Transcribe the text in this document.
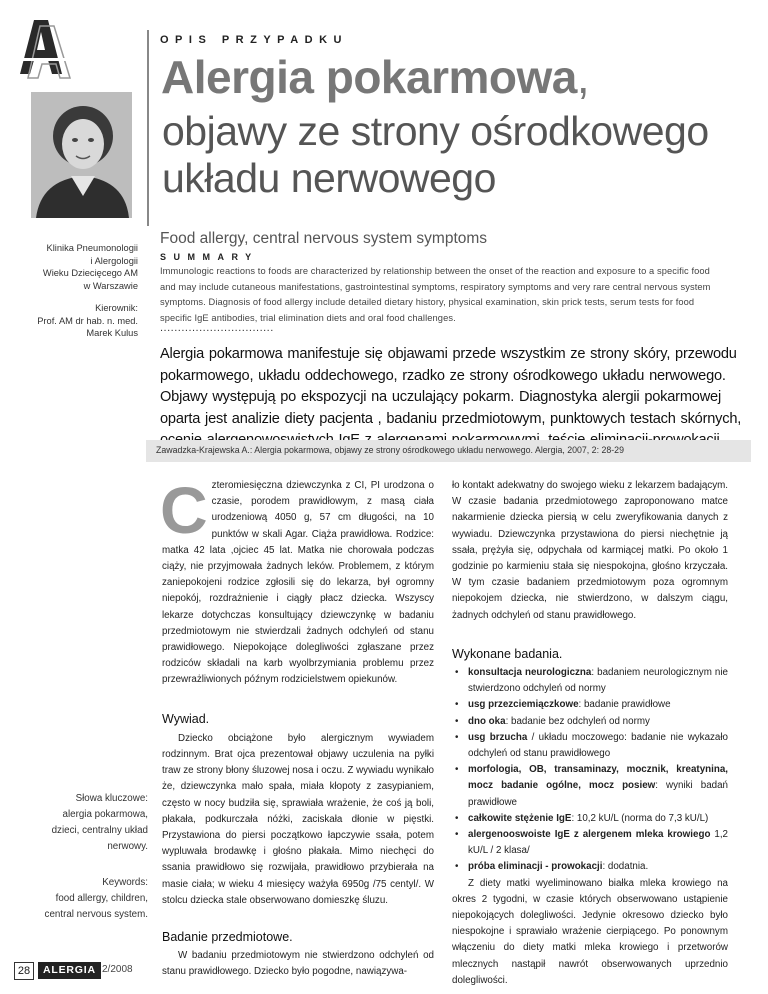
OPIS PRZYPADKU
Alergia pokarmowa,
objawy ze strony ośrodkowego
układu nerwowego

Klinika Pneumonologii

i Alergologii

Wieku Dziecięcego AM

w Warszawie

Kierownik:

Prof. AM dr hab. n. med.

Marek Kulus

Food allergy, central nervous system symptoms
SUMMARY
Immunologic reactions to foods are characterized by relationship between the onset of the reaction and exposure to a specific food and may include cutaneous manifestations, gastrointestinal symptoms, respiratory symptoms and very rare central nervous system symptoms. Diagnosis of food allergy include detailed dietary history, physical examination, skin prick tests, serum tests for food specific IgE antibodies, trial elimination diets and oral food challenges.
................................
Alergia pokarmowa manifestuje się objawami przede wszystkim ze strony skóry, przewodu pokarmowego, układu oddechowego, rzadko ze strony ośrodkowego układu nerwowego. Objawy występują po ekspozycji na uczulający pokarm. Diagnostyka alergii pokarmowej oparta jest analizie diety pacjenta , badaniu przedmiotowym, punktowych testach skórnych,
Zawadzka-Krajewska A.: Alergia pokarmowa, objawy ze strony ośrodkowego układu nerwowego. Alergia, 2007, 2: 28-29
C zteromiesięczna dziewczynka z CI, PI urodzona o czasie, porodem prawidłowym, z masą ciała urodzeniową 4050 g, 57 cm długości, na 10 punktów w skali Agar. Ciąża prawidłowa. Rodzice: matka 42 lata ,ojciec 45 lat. Matka nie chorowała podczas ciąży, nie przyjmowała żadnych leków. Problemem, z którym zaniepokojeni rodzice zgłosili się do lekarza, był ogromny niepokój, rozdrażnienie i ciągły płacz dziecka. Wszyscy lekarze dotychczas konsultujący dziewczynkę w badaniu przedmiotowym nie stwierdzali żadnych odchyleń od stanu prawidłowego. Niepokojące dolegliwości zgłaszane przez rodziców składali na karb wyolbrzymiania problemu przez przewrażliwionych późnym rodzicielstwem opiekunów.

Wywiad.

Dziecko obciążone było alergicznym wywiadem rodzinnym. Brat ojca prezentował objawy uczulenia na pyłki traw ze strony błony śluzowej nosa i oczu. Z wywiadu wynikało że, dziewczynka mało spała, miała kłopoty z zasypianiem, często w nocy budziła się, sprawiała wrażenie, że coś ją boli, płakała, podkurczała nóżki, zaciskała dłonie w pięstki. Przystawiona do piersi początkowo łapczywie ssała, potem wypluwała brodawkę i głośno płakała. Mimo niechęci do ssania prawidłowo się rozwijała, prawidłowo przybierała na masie ciała; w wieku 4 miesięcy ważyła 6950g /75 centyl/. W stolcu dziecka stale obserwowano domieszkę śluzu.

Badanie przedmiotowe.

W badaniu przedmiotowym nie stwierdzono odchyleń od stanu prawidłowego. Dziecko było pogodne, nawiązywa-

ło kontakt adekwatny do swojego wieku z lekarzem badającym. W czasie badania przedmiotowego zaproponowano matce nakarmienie dziecka piersią w celu zweryfikowania danych z wywiadu. Dziewczynka przystawiona do piersi niechętnie ją ssała, prężyła się, odpychała od karmiącej matki. Po około 1 godzinie po karmieniu stała się niespokojna, głośno krzyczała. W tym czasie badaniem przedmiotowym poza ogromnym niepokojem dziecka, nie stwierdzono, w dalszym ciągu, żadnych odchyleń od stanu prawidłowego.

Wykonane badania.
• konsultacja neurologiczna: badaniem neurologicznym nie stwierdzono odchyleń od normy
• usg przezciemiączkowe: badanie prawidłowe
• dno oka: badanie bez odchyleń od normy
• usg brzucha / układu moczowego: badanie nie wykazało odchyleń od stanu prawidłowego
• morfologia, OB, transaminazy, mocznik, kreatynina, mocz badanie ogólne, mocz posiew: wyniki badań prawidłowe
• całkowite stężenie IgE: 10,2 kU/L (norma do 7,3 kU/L)
• alergenooswoiste IgE z alergenem mleka krowiego 1,2 kU/L / 2 klasa/
• próba eliminacji - prowokacji: dodatnia.

Z diety matki wyeliminowano białka mleka krowiego na okres 2 tygodni, w czasie których obserwowano ustąpienie niepokojących dolegliwości. Jedynie okresowo dziecko było niespokojne i sprawiało wrażenie cierpiącego. Po ponownym włączeniu do diety matki mleka krowiego i przetworów mlecznych nastąpił nawrót obserwowanych uprzednio dolegliwości.

Słowa kluczowe:

alergia pokarmowa,

dzieci, centralny układ

nerwowy.

Keywords:

food allergy, children,

central nervous system.

28	ALERGIA 2/2008
